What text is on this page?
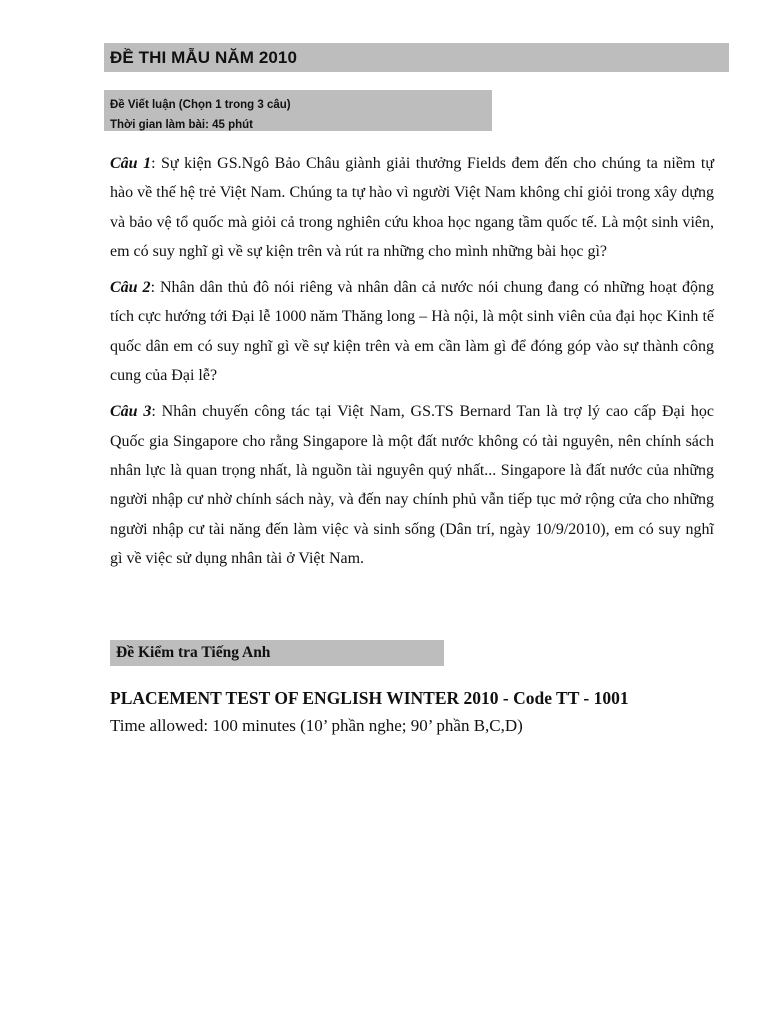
ĐỀ THI MẪU NĂM 2010
Đề Viết luận (Chọn 1 trong 3 câu)
Thời gian làm bài: 45 phút

Câu 1: Sự kiện GS.Ngô Bảo Châu giành giải thưởng Fields đem đến cho chúng ta niềm tự hào về thế hệ trẻ Việt Nam. Chúng ta tự hào vì người Việt Nam không chỉ giỏi trong xây dựng và bảo vệ tổ quốc mà giỏi cả trong nghiên cứu khoa học ngang tầm quốc tế. Là một sinh viên, em có suy nghĩ gì về sự kiện trên và rút ra những cho mình những bài học gì?

Câu 2: Nhân dân thủ đô nói riêng và nhân dân cả nước nói chung đang có những hoạt động tích cực hướng tới Đại lễ 1000 năm Thăng long – Hà nội, là một sinh viên của đại học Kinh tế quốc dân em có suy nghĩ gì về sự kiện trên và em cần làm gì để đóng góp vào sự thành công cung của Đại lễ?

Câu 3: Nhân chuyến công tác tại Việt Nam, GS.TS Bernard Tan là trợ lý cao cấp Đại học Quốc gia Singapore cho rằng Singapore là một đất nước không có tài nguyên, nên chính sách nhân lực là quan trọng nhất, là nguồn tài nguyên quý nhất... Singapore là đất nước của những người nhập cư nhờ chính sách này, và đến nay chính phủ vẫn tiếp tục mở rộng cửa cho những người nhập cư tài năng đến làm việc và sinh sống (Dân trí, ngày 10/9/2010), em có suy nghĩ gì về việc sử dụng nhân tài ở Việt Nam.

Đề Kiểm tra Tiếng Anh
PLACEMENT TEST OF ENGLISH WINTER 2010 - Code TT - 1001
Time allowed: 100 minutes (10’ phần nghe; 90’ phần B,C,D)
